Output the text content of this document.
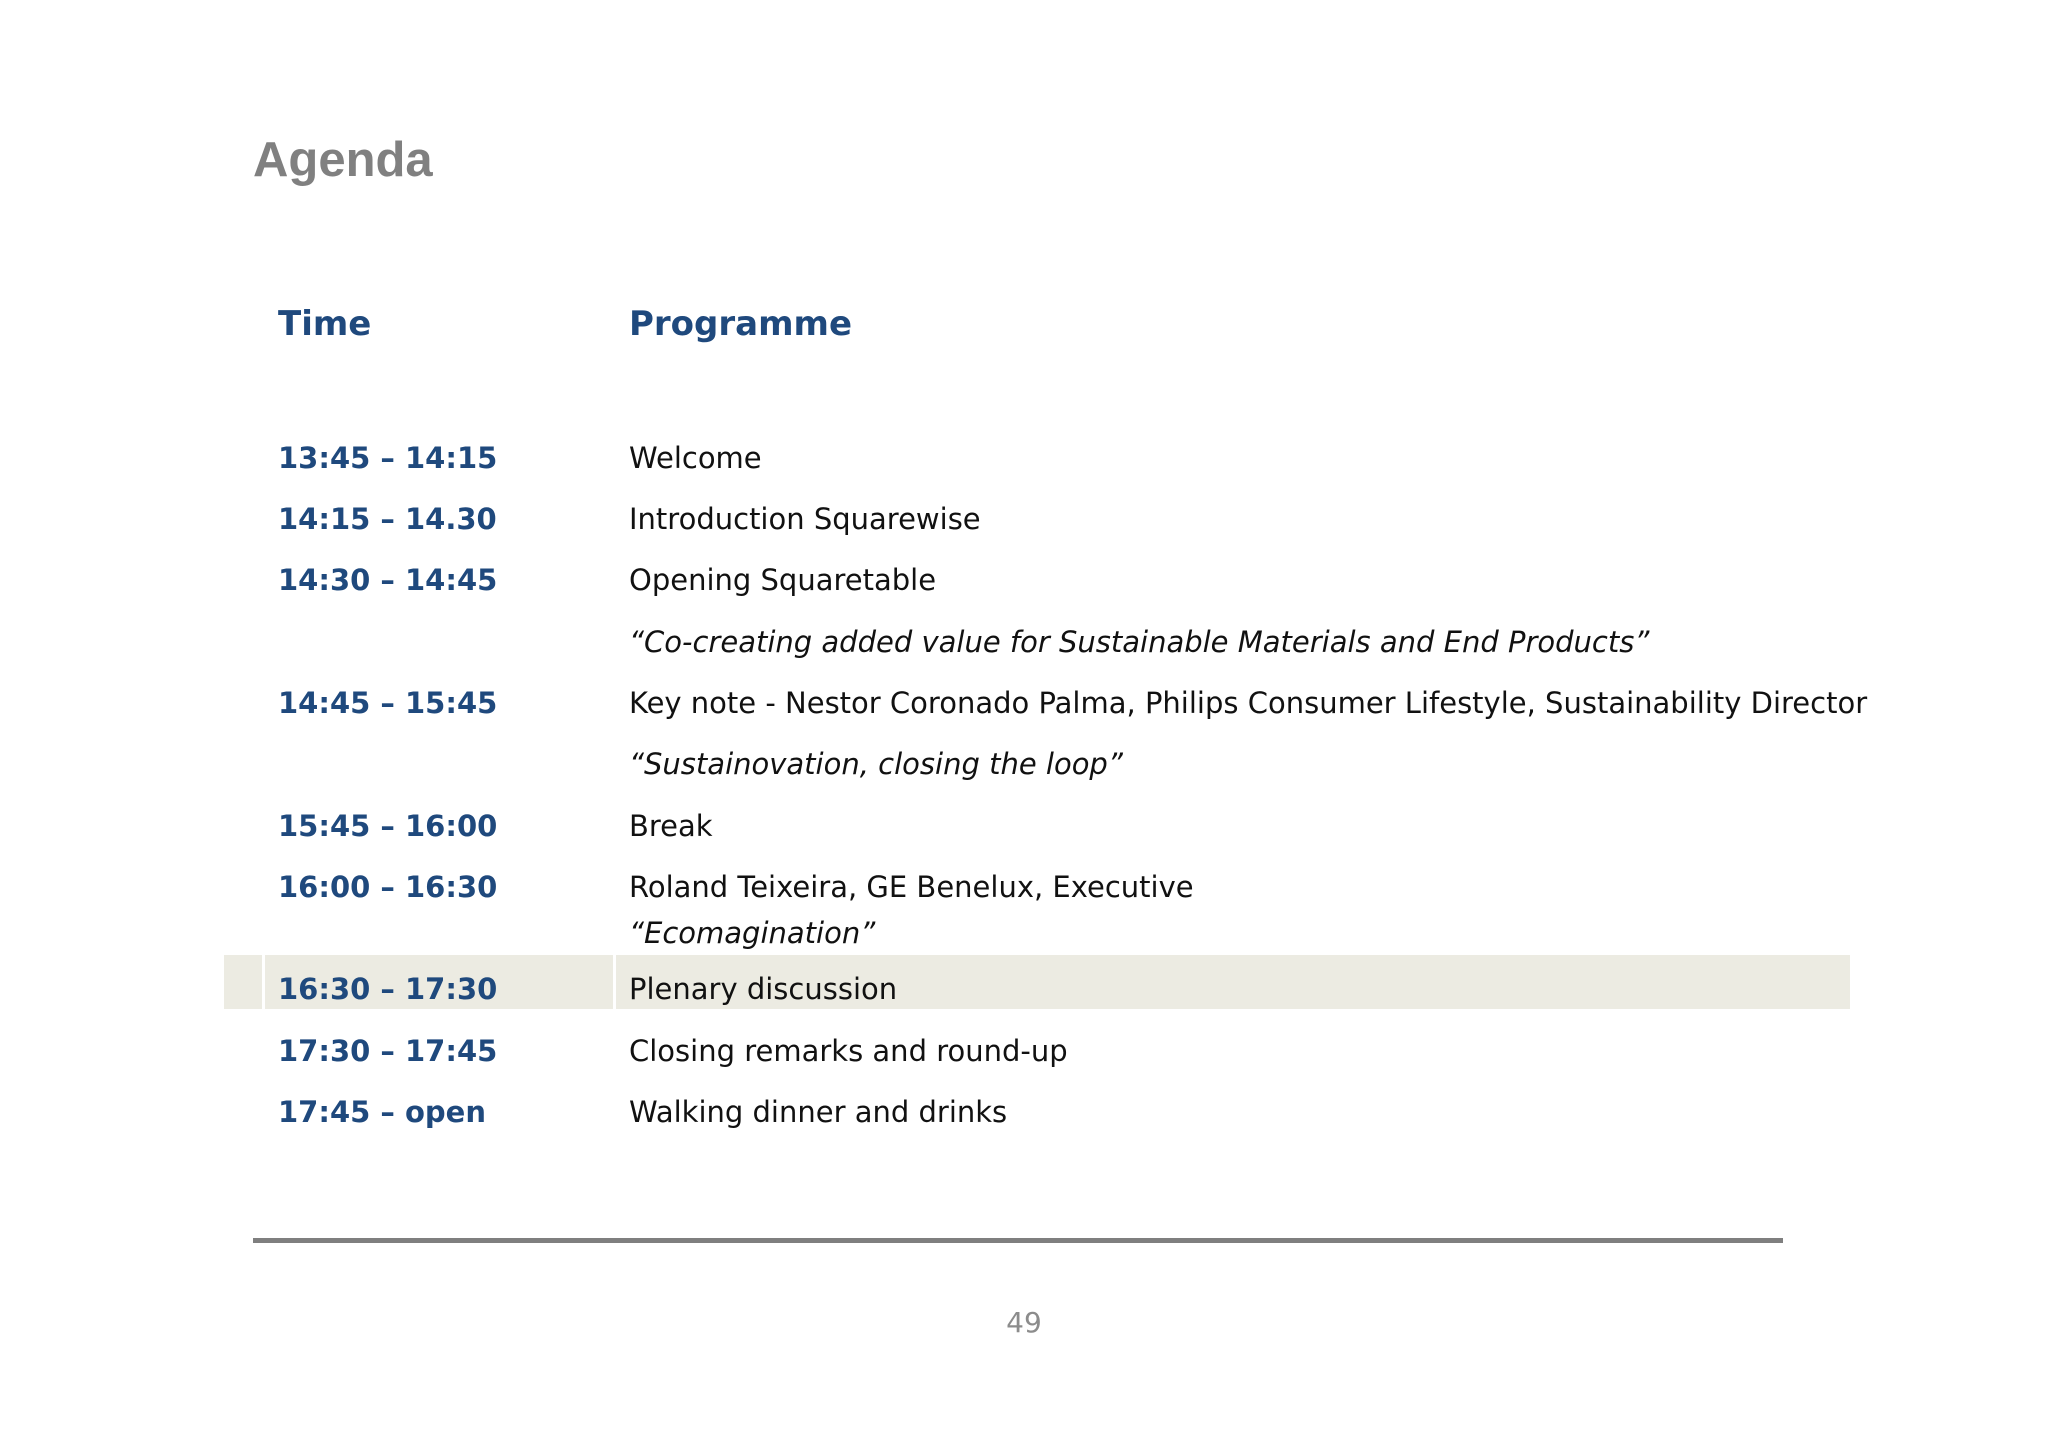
Agenda
Time	Programme
13:45 – 14:15	Welcome
14:15 – 14.30	Introduction Squarewise
14:30 – 14:45	Opening Squaretable
“Co-creating added value for Sustainable Materials and End Products”
14:45 – 15:45	Key note - Nestor Coronado Palma, Philips Consumer Lifestyle, Sustainability Director
“Sustainovation, closing the loop”
15:45 – 16:00	Break
16:00 – 16:30	Roland Teixeira, GE Benelux, Executive
“Ecomagination”
16:30 – 17:30	Plenary discussion
17:30 – 17:45	Closing remarks and round-up
17:45 – open	Walking dinner and drinks
49
